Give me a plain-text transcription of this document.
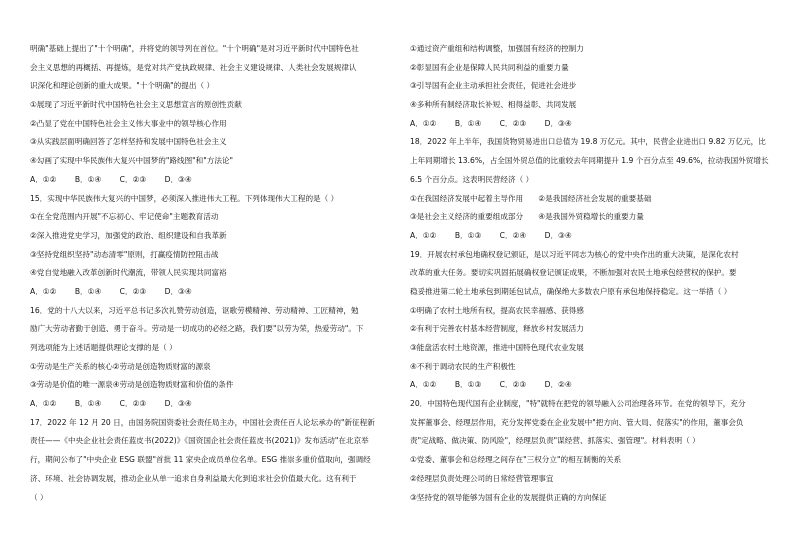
明确"基础上提出了"十个明确"，并将党的领导列在首位。"十个明确"是对习近平新时代中国特色社
会主义思想的再概括、再提炼，是党对共产党执政规律、社会主义建设规律、人类社会发展规律认
识深化和理论创新的重大成果。"十个明确"的提出（ ）
①展现了习近平新时代中国特色社会主义思想宣言的原创性贡献
②凸显了党在中国特色社会主义伟大事业中的领导核心作用
③从实践层面明确回答了怎样坚持和发展中国特色社会主义
④勾画了实现中华民族伟大复兴中国梦的"路线图"和"方法论"
A．①② B．①④ C．②③ D．③④
15．实现中华民族伟大复兴的中国梦，必须深入推进伟大工程。下列体现伟大工程的是（ ）
①在全党范围内开展"不忘初心、牢记使命"主题教育活动
②深入推进党史学习，加强党的政治、组织建设和自我革新
③坚持党组织坚持"动态清零"原则，打赢疫情防控阻击战
④党自觉地融入改革创新时代潮流，带领人民实现共同富裕
A．①② B．①④ C．②③ D．③④
16．党的十八大以来，习近平总书记多次礼赞劳动创造，讴歌劳模精神、劳动精神、工匠精神，勉
励广大劳动者勤于创造、勇于奋斗。劳动是一切成功的必经之路，我们要"以劳为荣，热爱劳动"。下
列选项能为上述话题提供理论支撑的是（ ）
①劳动是生产关系的核心②劳动是创造物质财富的源泉
③劳动是价值的唯一源泉④劳动是创造物质财富和价值的条件
A．①② B．①④ C．②③ D．③④
17．2022 年 12 月 20 日，由国务院国资委社会责任局主办，中国社会责任百人论坛承办的"新征程新
责任——《中央企业社会责任蓝皮书(2022)》《国资国企社会责任蓝皮书(2021)》发布活动"在北京举
行，期间公布了"中央企业 ESG 联盟"首批 11 家央企成员单位名单。ESG 推崇多重价值取向，强调经
济、环境、社会协调发展，推动企业从单一追求自身利益最大化到追求社会价值最大化。这有利于
（ ）
①通过资产重组和结构调整，加强国有经济的控制力
②彰显国有企业是保障人民共同利益的重要力量
③引导国有企业主动承担社会责任，促进社会进步
④多种所有制经济取长补短、相得益彰、共同发展
A．①② B．①④ C．②③ D．③④
18．2022 年上半年，我国货物贸易进出口总值为 19.8 万亿元。其中，民营企业进出口 9.82 万亿元，比
上年同期增长 13.6%，占全国外贸总值的比重较去年同期提升 1.9 个百分点至 49.6%，拉动我国外贸增长
6.5 个百分点。这表明民营经济（ ）
①在我国经济发展中起着主导作用　　②是我国经济社会发展的重要基础
③是社会主义经济的重要组成部分　　④是我国外贸稳增长的重要力量
A．①② B．①③ C．②④ D．③④
19．开展农村承包地确权登记颁证，是以习近平同志为核心的党中央作出的重大决策，是深化农村
改革的重大任务。要切实巩固拓展确权登记颁证成果，不断加强对农民土地承包经营权的保护。要
稳妥推进第二轮土地承包到期延包试点，确保绝大多数农户原有承包地保持稳定。这一举措（ ）
①明确了农村土地所有权，提高农民幸福感、获得感
②有利于完善农村基本经营制度，释放乡村发展活力
③能盘活农村土地资源，推进中国特色现代农业发展
④不利于调动农民的生产积极性
A．①② B．①③ C．②③ D．②④
20．中国特色现代国有企业制度，"特"就特在把党的领导融入公司治理各环节。在党的领导下，充分
发挥董事会、经理层作用，充分发挥党委在企业发展中"把方向、管大局、促落实"的作用，董事会负
责"定战略、做决策、防风险"，经理层负责"谋经营、抓落实、强管理"。材料表明（ ）
①党委、董事会和总经理之间存在"三权分立"的相互制衡的关系
②经理层负责处理公司的日常经营管理事宜
③坚持党的领导能够为国有企业的发展提供正确的方向保证
